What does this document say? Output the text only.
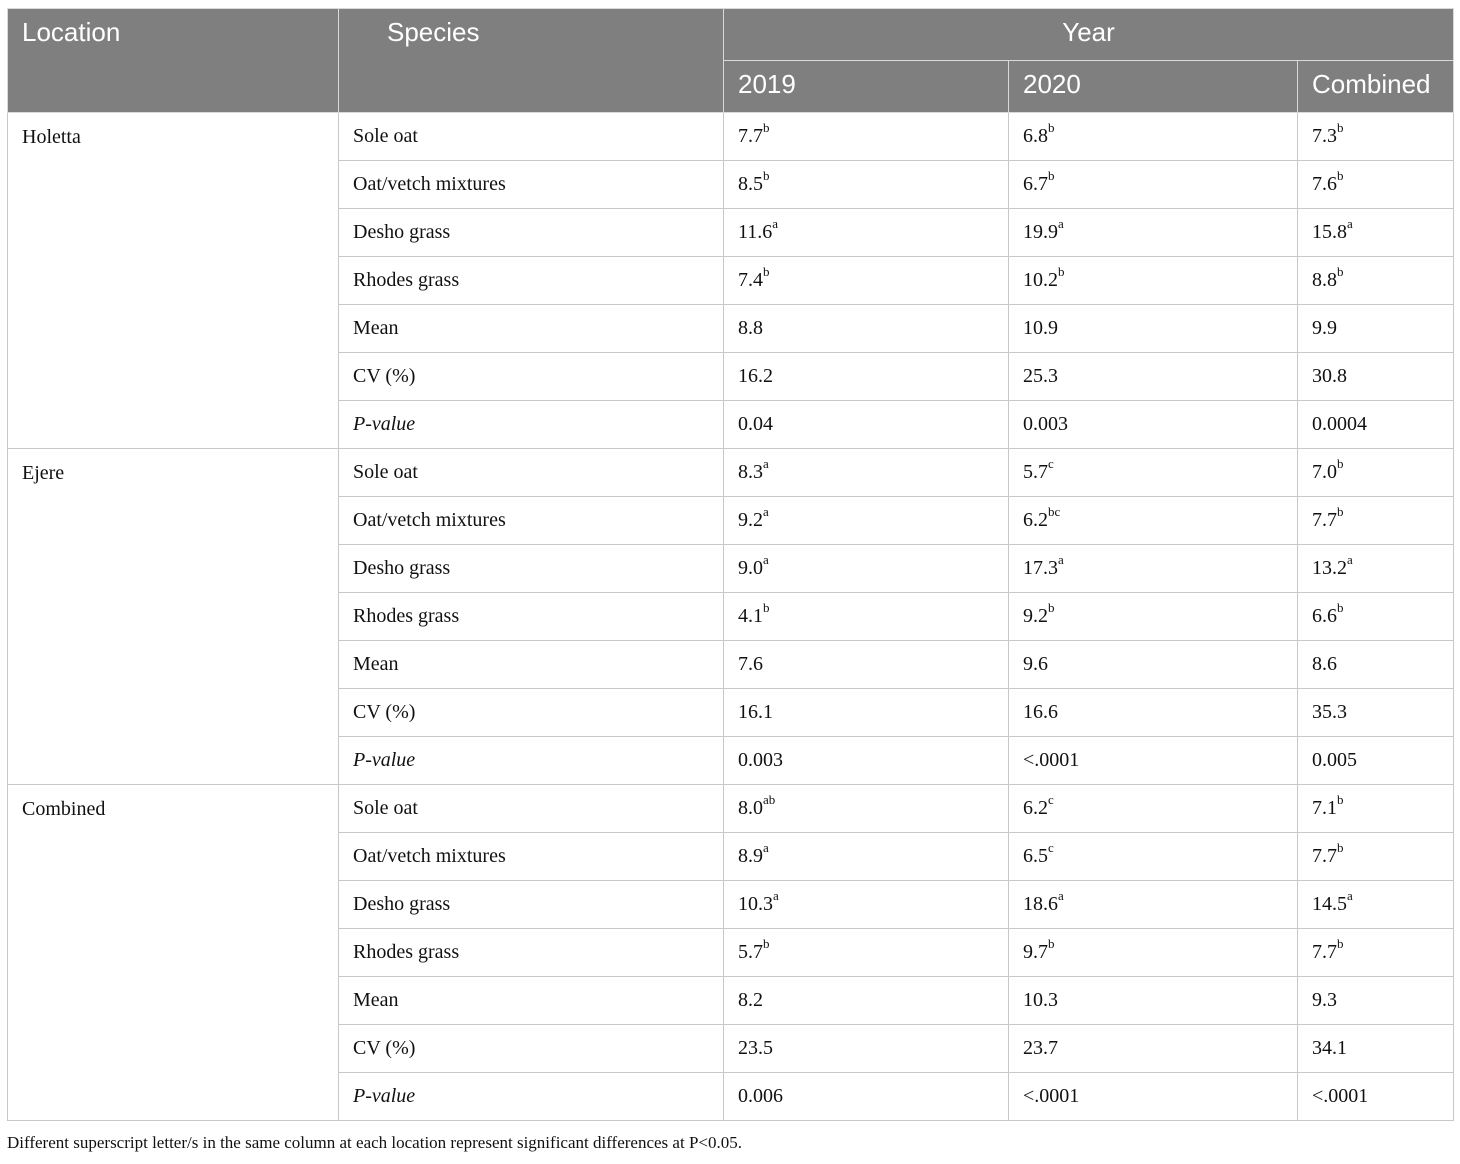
Location	Species	Year		
		2019	2020	Combined
Holetta	Sole oat	7.7$^b$	6.8$^b$	7.3$^b$
	Oat/vetch mixtures	8.5$^b$	6.7$^b$	7.6$^b$
	Desho grass	11.6$^a$	19.9$^a$	15.8$^a$
	Rhodes grass	7.4$^b$	10.2$^b$	8.8$^b$
	Mean	8.8	10.9	9.9
	CV (%)	16.2	25.3	30.8
	P-value	0.04	0.003	0.0004
Ejere	Sole oat	8.3$^a$	5.7$^c$	7.0$^b$
	Oat/vetch mixtures	9.2$^a$	6.2$^{bc}$	7.7$^b$
	Desho grass	9.0$^a$	17.3$^a$	13.2$^a$
	Rhodes grass	4.1$^b$	9.2$^b$	6.6$^b$
	Mean	7.6	9.6	8.6
	CV (%)	16.1	16.6	35.3
	P-value	0.003	<.0001	0.005
Combined	Sole oat	8.0$^{ab}$	6.2$^c$	7.1$^b$
	Oat/vetch mixtures	8.9$^a$	6.5$^c$	7.7$^b$
	Desho grass	10.3$^a$	18.6$^a$	14.5$^a$
	Rhodes grass	5.7$^b$	9.7$^b$	7.7$^b$
	Mean	8.2	10.3	9.3
	CV (%)	23.5	23.7	34.1
	P-value	0.006	<.0001	<.0001
Different superscript letter/s in the same column at each location represent significant differences at P<0.05.
